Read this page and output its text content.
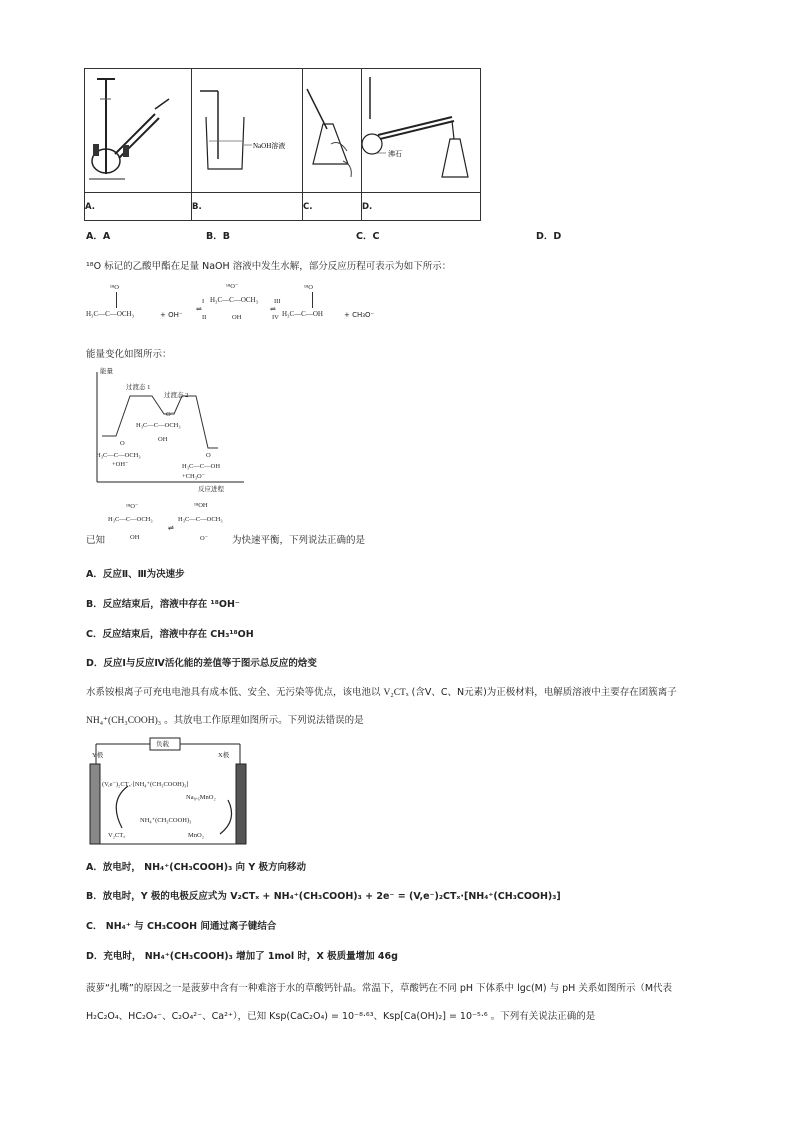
NaOH溶液		沸石

A.	B.	C.	D.
A．A	B．B	C．C	D．D
¹⁸O 标记的乙酸甲酯在足量 NaOH 溶液中发生水解，部分反应历程可表示为如下所示：
¹⁸O
H₃C—C—OCH₃	+ OH⁻
I
⇌
II
¹⁸O⁻
H₃C—C—OCH₃
OH
III
⇌
IV
¹⁸O
H₃C—C—OH	+ CH₃O⁻
能量变化如图所示：
能量
过渡态 1
过渡态 2
O⁻
H₃C—C—OCH₃
OH
O
H₃C—C—OCH₃
+OH⁻
O
H₃C—C—OH
+CH₃O⁻
反应进程
已知
¹⁸O⁻
H₃C—C—OCH₃
OH
⇌
¹⁸OH
H₃C—C—OCH₃
O⁻	为快速平衡，下列说法正确的是
A．反应Ⅱ、Ⅲ为决速步
B．反应结束后，溶液中存在 ¹⁸OH⁻
C．反应结束后，溶液中存在 CH₃¹⁸OH
D．反应Ⅰ与反应Ⅳ活化能的差值等于图示总反应的焓变
水系铵根离子可充电电池具有成本低、安全、无污染等优点，该电池以 V₂CTₓ (含V、C、N元素)为正极材料，电解质溶液中主要存在团簇离子
NH₄⁺(CH₃COOH)₃ 。其放电工作原理如图所示。下列说法错误的是
负载
Y极	X极
(V,e⁻)₂CTₓ·[NH₄⁺(CH₃COOH)₃]
Na₀.₆MnO₂
NH₄⁺(CH₃COOH)₃
V₂CTₓ	MnO₂
A．放电时， NH₄⁺(CH₃COOH)₃ 向 Y 极方向移动
B．放电时，Y 极的电极反应式为 V₂CTₓ + NH₄⁺(CH₃COOH)₃ + 2e⁻ = (V,e⁻)₂CTₓ·[NH₄⁺(CH₃COOH)₃]
C． NH₄⁺ 与 CH₃COOH 间通过离子键结合
D．充电时， NH₄⁺(CH₃COOH)₃ 增加了 1mol 时，X 极质量增加 46g
菠萝“扎嘴”的原因之一是菠萝中含有一种难溶于水的草酸钙针晶。常温下，草酸钙在不同 pH 下体系中 lgc(M) 与 pH 关系如图所示（M代表
H₂C₂O₄、HC₂O₄⁻、C₂O₄²⁻、Ca²⁺），已知 Ksp(CaC₂O₄) = 10⁻⁸·⁶³、Ksp[Ca(OH)₂] = 10⁻⁵·⁶ 。下列有关说法正确的是
